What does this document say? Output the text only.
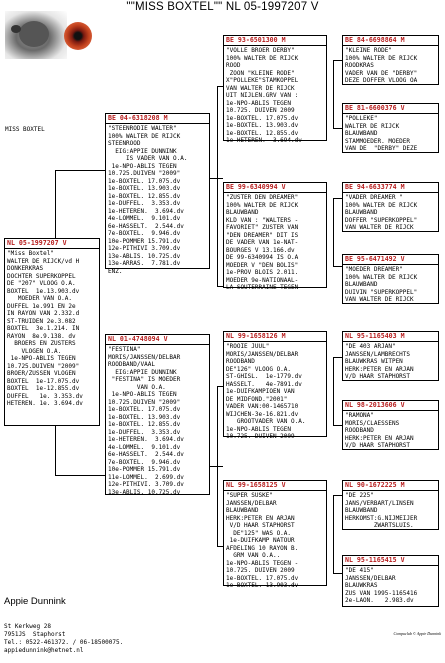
""MISS BOXTEL"" NL 05-1997207 V
MISS BOXTEL
NL 05-1997207 V
"Miss Boxtel"
WALTER DE RIJCK/vd H
DONKERKRAS
DOCHTER SUPERKOPPEL
DE "207" VLOOG O.A.
BOXTEL  1e.13.903.dv
MOEDER VAN O.A.
DUFFEL 1e.991 EN 2e
IN RAYON VAN 2.332.d
ST-TRUIDEN 2e.3.082
BOXTEL  3e.1.214. IN
RAYON  8e.9.138. dv
BROERS EN ZUSTERS
VLOGEN O.A.
1e-NPO-ABLIS TEGEN
10.725.DUIVEN "2009"
BROER/ZUSSEN VLOGEN
BOXTEL  1e-17.075.dv
BOXTEL  1e-12.855.dv
DUFFEL   1e. 3.353.dv
HETEREN. 1e. 3.694.dv
BE 04-6318208 M
"STEENRODIE WALTER"
100% WALTER DE RIJCK
STEENROOD
EIG:APPIE DUNNINK
IS VADER VAN O.A.
1e-NPO-ABLIS TEGEN
10.725.DUIVEN "2009"
1e-BOXTEL. 17.075.dv
1e-BOXTEL. 13.903.dv
1e-BOXTEL. 12.855.dv
1e-DUFFEL.  3.353.dv
1e-HETEREN.  3.694.dv
4e-LOMMEL.  9.101.dv
6e-HASSELT.  2.544.dv
7e-BOXTEL.  9.946.dv
10e-POMMER 15.791.dv
12e-PITHIVI 3.709.dv
13e-ABLIS. 10.725.dv
13e-ARRAS.  7.781.dv
ENZ.
NL 01-4748094 V
"FESTINA"
MORIS/JANSSEN/DELBAR
ROODBAND/VAAL
EIG:APPIE DUNNINK
"FESTINA" IS MOEDER
VAN O.A.
1e-NPO-ABLIS TEGEN
10.725.DUIVEN "2009"
1e-BOXTEL. 17.075.dv
1e-BOXTEL. 13.903.dv
1e-BOXTEL. 12.855.dv
1e-DUFFEL.  3.353.dv
1e-HETEREN.  3.694.dv
4e-LOMMEL.  9.101.dv
6e-HASSELT.  2.544.dv
7e-BOXTEL.  9.946.dv
10e-POMMER 15.791.dv
11e-LOMMEL.  2.699.dv
12e-PITHIVI. 3.709.dv
13e-ABLIS. 10.725.dv
BE 93-6501300 M
"VOLLE BROER DERBY"
100% WALTER DE RIJCK
ROOD
ZOON "KLEINE RODE"
X"POLLEKE"STAMKOPPEL
VAN WALTER DE RIJCK
UIT NIJLEN.GRV VAN :
1e-NPO-ABLIS TEGEN
10.725. DUIVEN 2009
1e-BOXTEL. 17.075.dv
1e-BOXTEL. 13.903.dv
1e-BOXTEL. 12.855.dv
1e-HETEREN.  3.694.dv
BE 99-6340994 V
"ZUSTER DEN DREAMER"
100% WALTER DE RIJCK
BLAUWBAND
KLD VAN : "WALTERS -
FAVORIET" ZUSTER VAN
"DEN DREAMER" DIT IS
DE VADER VAN 1e-NAT-
BOURGES V 13.166.dv
DE 99-6340994 IS O.A
MOEDER V "DEN BOLIS"
1e-PROV BLOIS 2.011.
MOEDER 9e-NATIONAAL-
LA-SOUTERRAINE TEGEN
NL 99-1658126 M
"ROOIE JUUL"
MORIS/JANSSEN/DELBAR
ROODBAND
DE"126" VLOOG O.A.
ST-GHISL.  1e-1779.dv
HASSELT.   4e-7891.dv
1e-DUIFKAMPIOEN VAN
DE MIDFOND."2001"
VADER VAN:00-1465710
WIJCHEN-3e-16.821.dv
GROOTVADER VAN O.A.
1e-NPO-ABLIS TEGEN
10.725. DUIVEN 2009
NL 99-1658125 V
"SUPER SUSKE"
JANSSEN/DELBAR
BLAUWBAND
HERK:PETER EN ARJAN
V/D HAAR STAPHORST
DE"125" WAS O.A.
1e-DUIFKAMP NATOUR
AFDELING 10 RAYON B.
GRM VAN O.A..
1e-NPO-ABLIS TEGEN -
10.725. DUIVEN 2009
1e-BOXTEL. 17.075.dv
1e-BOXTEL. 13.903.dv
BE 84-6698864 M
"KLEINE RODE"
100% WALTER DE RIJCK
ROODKRAS
VADER VAN DE "DERBY"
DEZE DOFFER VLOOG OA
BE 81-6600376 V
"POLLEKE"
WALTER DE RIJCK
BLAUWBAND
STAMMOEDER. MOEDER
VAN DE  "DERBY" DEZE
BE 94-6633774 M
"VADER DREAMER "
100% WALTER DE RIJCK
BLAUWBAND
DOFFER "SUPERKOPPEL"
VAN WALTER DE RIJCK
BE 95-6471492 V
"MOEDER DREAMER"
100% WALTER DE RIJCK
BLAUWBAND
DUIVIN "SUPERKOPPEL"
VAN WALTER DE RIJCK
NL 95-1165403 M
"DE 403 ARJAN"
JANSSEN/LAMBRECHTS
BLAUWKRAS WITPEN
HERK:PETER EN ARJAN
V/D HAAR STAPHORST
NL 98-2013606 V
"RAMONA"
MORIS/CLAESSENS
ROODBAND
HERK:PETER EN ARJAN
V/D HAAR STAPHORST
NL 90-1672225 M
"DE 225"
JANS/VERBART/LINSEN
BLAUWBAND
HERKOMST:G.NIJMEIJER
ZWARTSLUIS.
NL 95-1165415 V
"DE 415"
JANSSEN/DELBAR
BLAUWKRAS
ZUS VAN 1995-1165416
2e-LAON.   2.983.dv

Appie Dunnink

St Kerkweg 28
7951JS  Staphorst
Tel.: 0522-461372. / 06-18500075.
appiedunnink@hetnet.nl

Compuclub © Appie Dunnink
